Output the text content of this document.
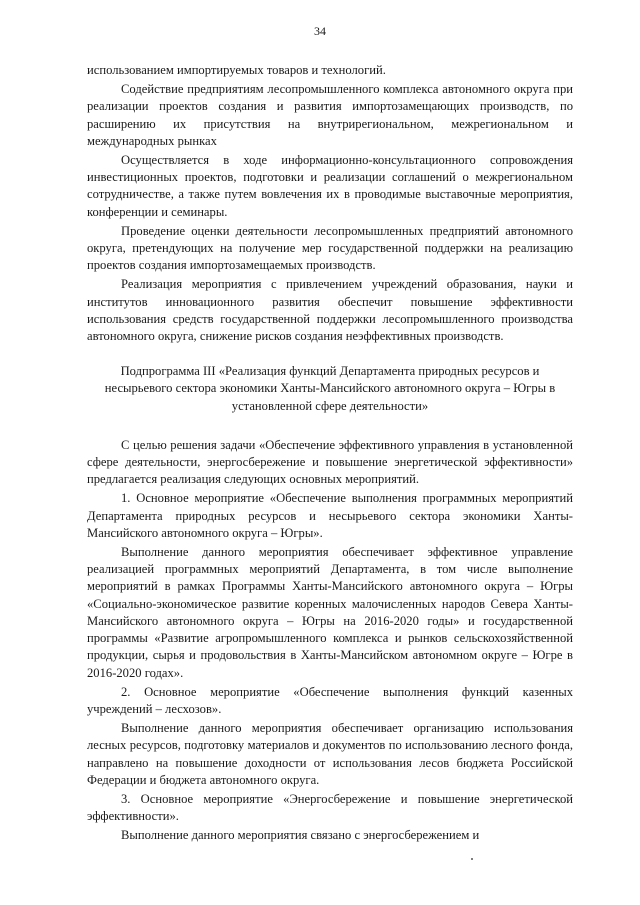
34

использованием импортируемых товаров и технологий.

Содействие предприятиям лесопромышленного комплекса автономного округа при реализации проектов создания и развития импортозамещающих производств, по расширению их присутствия на внутрирегиональном, межрегиональном и международных рынках

Осуществляется в ходе информационно-консультационного сопровождения инвестиционных проектов, подготовки и реализации соглашений о межрегиональном сотрудничестве, а также путем вовлечения их в проводимые выставочные мероприятия, конференции и семинары.

Проведение оценки деятельности лесопромышленных предприятий автономного округа, претендующих на получение мер государственной поддержки на реализацию проектов создания импортозамещаемых производств.

Реализация мероприятия с привлечением учреждений образования, науки и институтов инновационного развития обеспечит повышение эффективности использования средств государственной поддержки лесопромышленного производства автономного округа, снижение рисков создания неэффективных производств.

Подпрограмма III «Реализация функций Департамента природных ресурсов и несырьевого сектора экономики Ханты-Мансийского автономного округа – Югры в установленной сфере деятельности»

С целью решения задачи «Обеспечение эффективного управления в установленной сфере деятельности, энергосбережение и повышение энергетической эффективности» предлагается реализация следующих основных мероприятий.

1. Основное мероприятие «Обеспечение выполнения программных мероприятий Департамента природных ресурсов и несырьевого сектора экономики Ханты-Мансийского автономного округа – Югры».

Выполнение данного мероприятия обеспечивает эффективное управление реализацией программных мероприятий Департамента, в том числе выполнение мероприятий в рамках Программы Ханты-Мансийского автономного округа – Югры «Социально-экономическое развитие коренных малочисленных народов Севера Ханты-Мансийского автономного округа – Югры на 2016-2020 годы» и государственной программы «Развитие агропромышленного комплекса и рынков сельскохозяйственной продукции, сырья и продовольствия в Ханты-Мансийском автономном округе – Югре в 2016-2020 годах».

2. Основное мероприятие «Обеспечение выполнения функций казенных учреждений – лесхозов».

Выполнение данного мероприятия обеспечивает организацию использования лесных ресурсов, подготовку материалов и документов по использованию лесного фонда, направлено на повышение доходности от использования лесов бюджета Российской Федерации и бюджета автономного округа.

3. Основное мероприятие «Энергосбережение и повышение энергетической эффективности».

Выполнение данного мероприятия связано с энергосбережением и
